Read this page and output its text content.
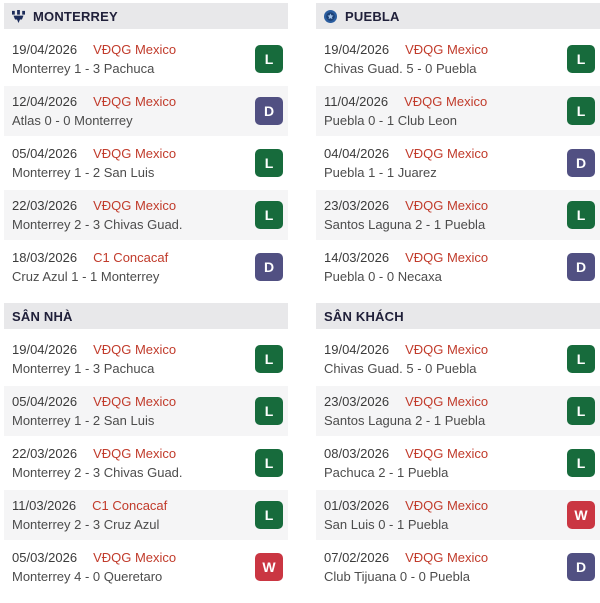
MONTERREY
19/04/2026 VĐQG Mexico
Monterrey 1 - 3 Pachuca
L
12/04/2026 VĐQG Mexico
Atlas 0 - 0 Monterrey
D
05/04/2026 VĐQG Mexico
Monterrey 1 - 2 San Luis
L
22/03/2026 VĐQG Mexico
Monterrey 2 - 3 Chivas Guad.
L
18/03/2026 C1 Concacaf
Cruz Azul 1 - 1 Monterrey
D
SÂN NHÀ
19/04/2026 VĐQG Mexico
Monterrey 1 - 3 Pachuca
L
05/04/2026 VĐQG Mexico
Monterrey 1 - 2 San Luis
L
22/03/2026 VĐQG Mexico
Monterrey 2 - 3 Chivas Guad.
L
11/03/2026 C1 Concacaf
Monterrey 2 - 3 Cruz Azul
L
05/03/2026 VĐQG Mexico
Monterrey 4 - 0 Queretaro
W
PUEBLA
19/04/2026 VĐQG Mexico
Chivas Guad. 5 - 0 Puebla
L
11/04/2026 VĐQG Mexico
Puebla 0 - 1 Club Leon
L
04/04/2026 VĐQG Mexico
Puebla 1 - 1 Juarez
D
23/03/2026 VĐQG Mexico
Santos Laguna 2 - 1 Puebla
L
14/03/2026 VĐQG Mexico
Puebla 0 - 0 Necaxa
D
SÂN KHÁCH
19/04/2026 VĐQG Mexico
Chivas Guad. 5 - 0 Puebla
L
23/03/2026 VĐQG Mexico
Santos Laguna 2 - 1 Puebla
L
08/03/2026 VĐQG Mexico
Pachuca 2 - 1 Puebla
L
01/03/2026 VĐQG Mexico
San Luis 0 - 1 Puebla
W
07/02/2026 VĐQG Mexico
Club Tijuana 0 - 0 Puebla
D
